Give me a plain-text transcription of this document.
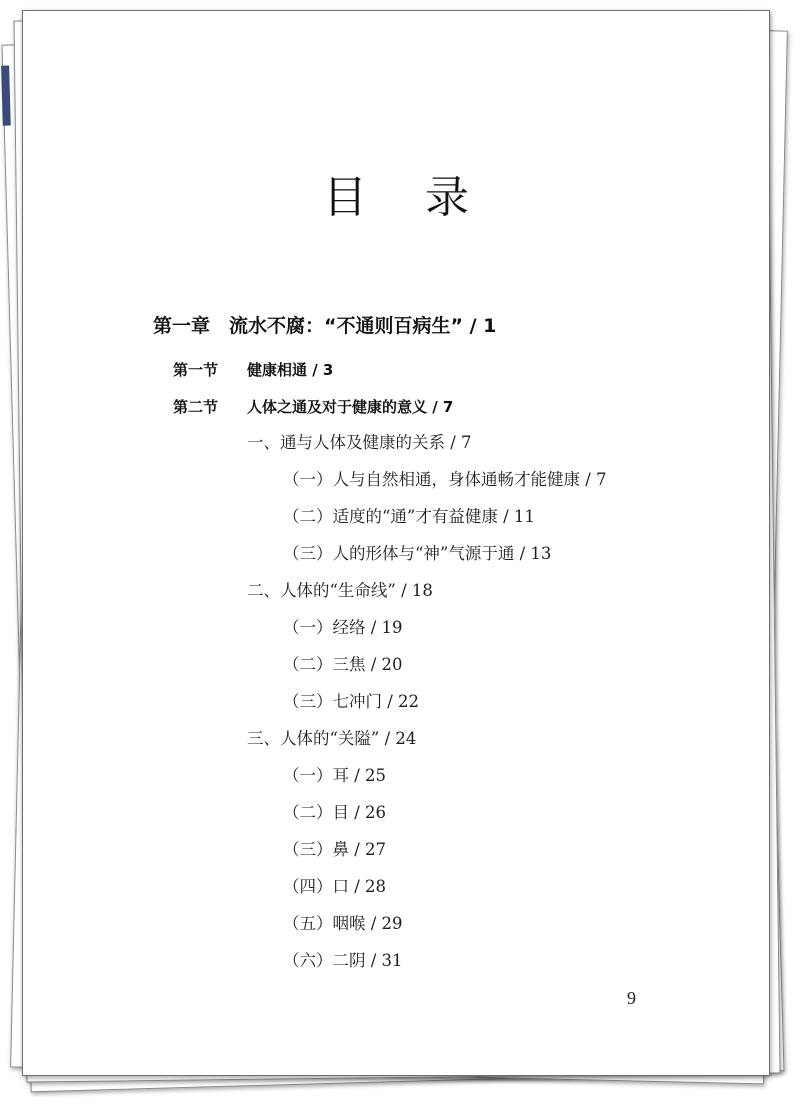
目 录
第一章　流水不腐：“不通则百病生” / 1
第一节 健康相通 / 3
第二节 人体之通及对于健康的意义 / 7
一、通与人体及健康的关系 / 7
（一）人与自然相通，身体通畅才能健康 / 7
（二）适度的“通”才有益健康 / 11
（三）人的形体与“神”气源于通 / 13
二、人体的“生命线” / 18
（一）经络 / 19
（二）三焦 / 20
（三）七冲门 / 22
三、人体的“关隘” / 24
（一）耳 / 25
（二）目 / 26
（三）鼻 / 27
（四）口 / 28
（五）咽喉 / 29
（六）二阴 / 31
9
